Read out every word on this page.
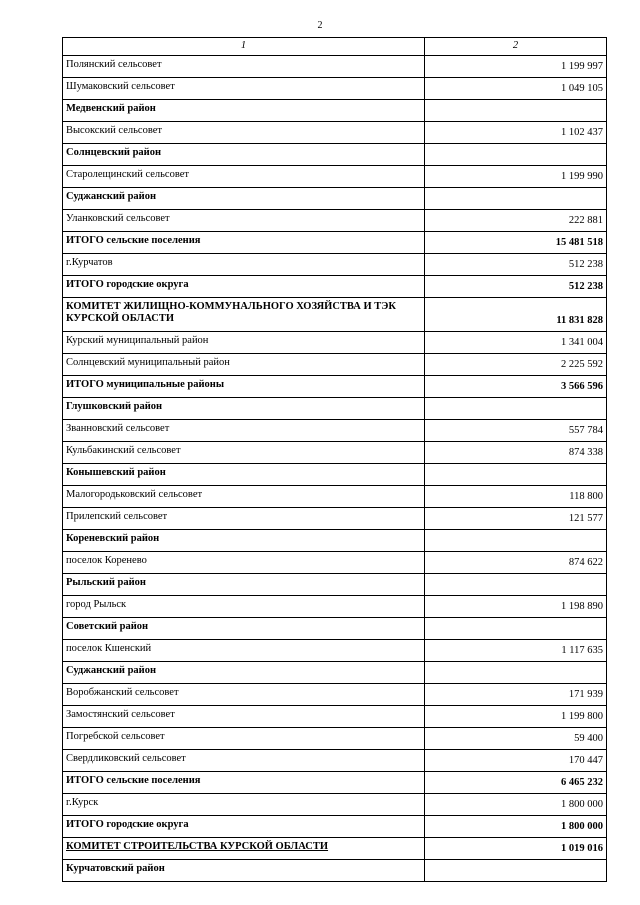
2
1	2
Полянский сельсовет	1 199 997
Шумаковский сельсовет	1 049 105
Медвенский район	
Высокский сельсовет	1 102 437
Солнцевский район	
Старолещинский сельсовет	1 199 990
Суджанский район	
Уланковский сельсовет	222 881
ИТОГО сельские поселения	15 481 518
г.Курчатов	512 238
ИТОГО городские округа	512 238
КОМИТЕТ ЖИЛИЩНО-КОММУНАЛЬНОГО ХОЗЯЙСТВА И ТЭК КУРСКОЙ ОБЛАСТИ	11 831 828
Курский муниципальный район	1 341 004
Солнцевский муниципальный район	2 225 592
ИТОГО муниципальные районы	3 566 596
Глушковский район	
Званновский сельсовет	557 784
Кульбакинский сельсовет	874 338
Конышевский район	
Малогородьковский сельсовет	118 800
Прилепский сельсовет	121 577
Кореневский район	
поселок Коренево	874 622
Рыльский район	
город Рыльск	1 198 890
Советский район	
поселок Кшенский	1 117 635
Суджанский район	
Воробжанский сельсовет	171 939
Замостянский сельсовет	1 199 800
Погребской сельсовет	59 400
Свердликовский сельсовет	170 447
ИТОГО сельские поселения	6 465 232
г.Курск	1 800 000
ИТОГО городские округа	1 800 000
КОМИТЕТ СТРОИТЕЛЬСТВА КУРСКОЙ ОБЛАСТИ	1 019 016
Курчатовский район	
